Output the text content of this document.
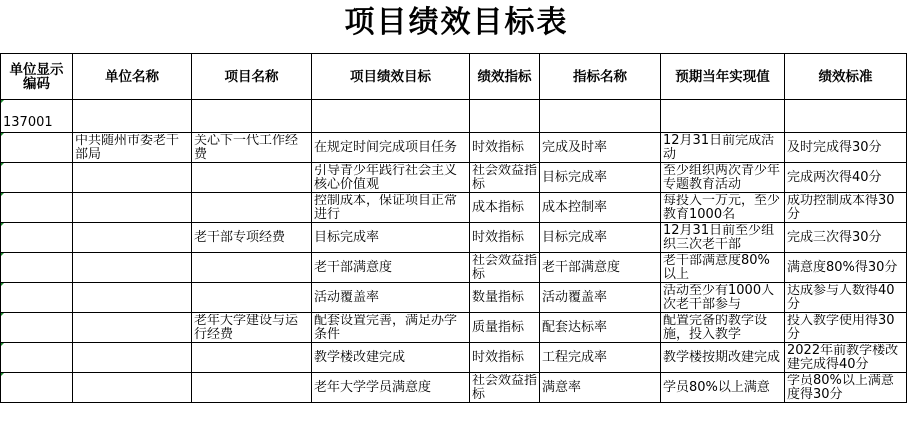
项目绩效目标表
单位显示编码	单位名称	项目名称	项目绩效目标	绩效指标	指标名称	预期当年实现值	绩效标准

137001							

	中共随州市委老干部局	关心下一代工作经费	在规定时间完成项目任务	时效指标	完成及时率	12月31日前完成活动	及时完成得30分

			引导青少年践行社会主义核心价值观	社会效益指标	目标完成率	至少组织两次青少年专题教育活动	完成两次得40分

			控制成本，保证项目正常进行	成本指标	成本控制率	每投入一万元，至少教育1000名	成功控制成本得30分

		老干部专项经费	目标完成率	时效指标	目标完成率	12月31日前至少组织三次老干部	完成三次得30分

			老干部满意度	社会效益指标	老干部满意度	老干部满意度80%以上	满意度80%得30分

			活动覆盖率	数量指标	活动覆盖率	活动至少有1000人次老干部参与	达成参与人数得40分

		老年大学建设与运行经费	配套设置完善，满足办学条件	质量指标	配套达标率	配置完备的教学设施，投入教学	投入教学使用得30分

			教学楼改建完成	时效指标	工程完成率	教学楼按期改建完成	2022年前教学楼改建完成得40分

			老年大学学员满意度	社会效益指标	满意率	学员80%以上满意	学员80%以上满意度得30分
